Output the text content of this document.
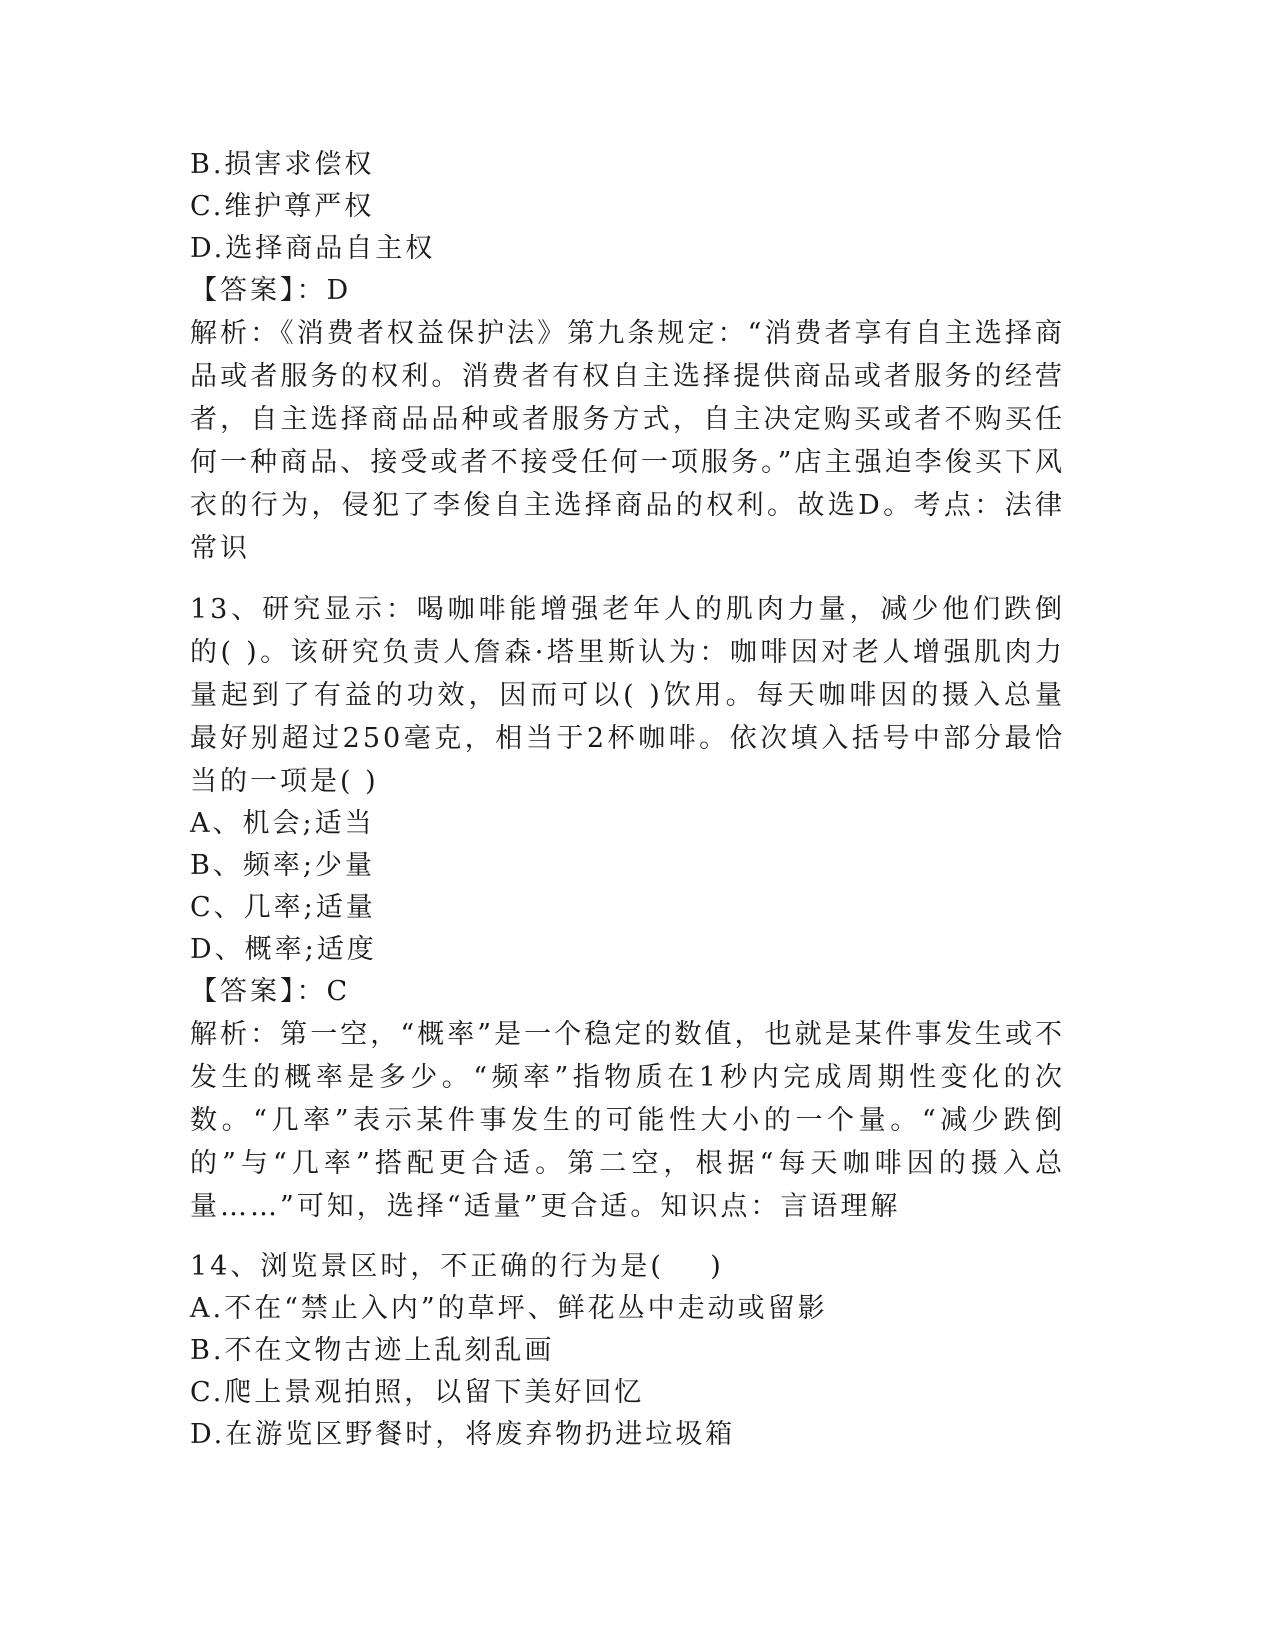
B.损害求偿权
C.维护尊严权
D.选择商品自主权
【答案】：D
解析：《消费者权益保护法》第九条规定：“消费者享有自主选择商品或者服务的权利。消费者有权自主选择提供商品或者服务的经营者，自主选择商品品种或者服务方式，自主决定购买或者不购买任何一种商品、接受或者不接受任何一项服务。”店主强迫李俊买下风衣的行为，侵犯了李俊自主选择商品的权利。故选D。考点：法律常识
13、研究显示：喝咖啡能增强老年人的肌肉力量，减少他们跌倒的( )。该研究负责人詹森·塔里斯认为：咖啡因对老人增强肌肉力量起到了有益的功效，因而可以( )饮用。每天咖啡因的摄入总量最好别超过250毫克，相当于2杯咖啡。依次填入括号中部分最恰当的一项是( )
A、机会;适当
B、频率;少量
C、几率;适量
D、概率;适度
【答案】：C
解析：第一空，“概率”是一个稳定的数值，也就是某件事发生或不发生的概率是多少。“频率”指物质在1秒内完成周期性变化的次数。“几率”表示某件事发生的可能性大小的一个量。“减少跌倒的”与“几率”搭配更合适。第二空，根据“每天咖啡因的摄入总量……”可知，选择“适量”更合适。知识点：言语理解
14、浏览景区时，不正确的行为是(    )
A.不在“禁止入内”的草坪、鲜花丛中走动或留影
B.不在文物古迹上乱刻乱画
C.爬上景观拍照，以留下美好回忆
D.在游览区野餐时，将废弃物扔进垃圾箱
